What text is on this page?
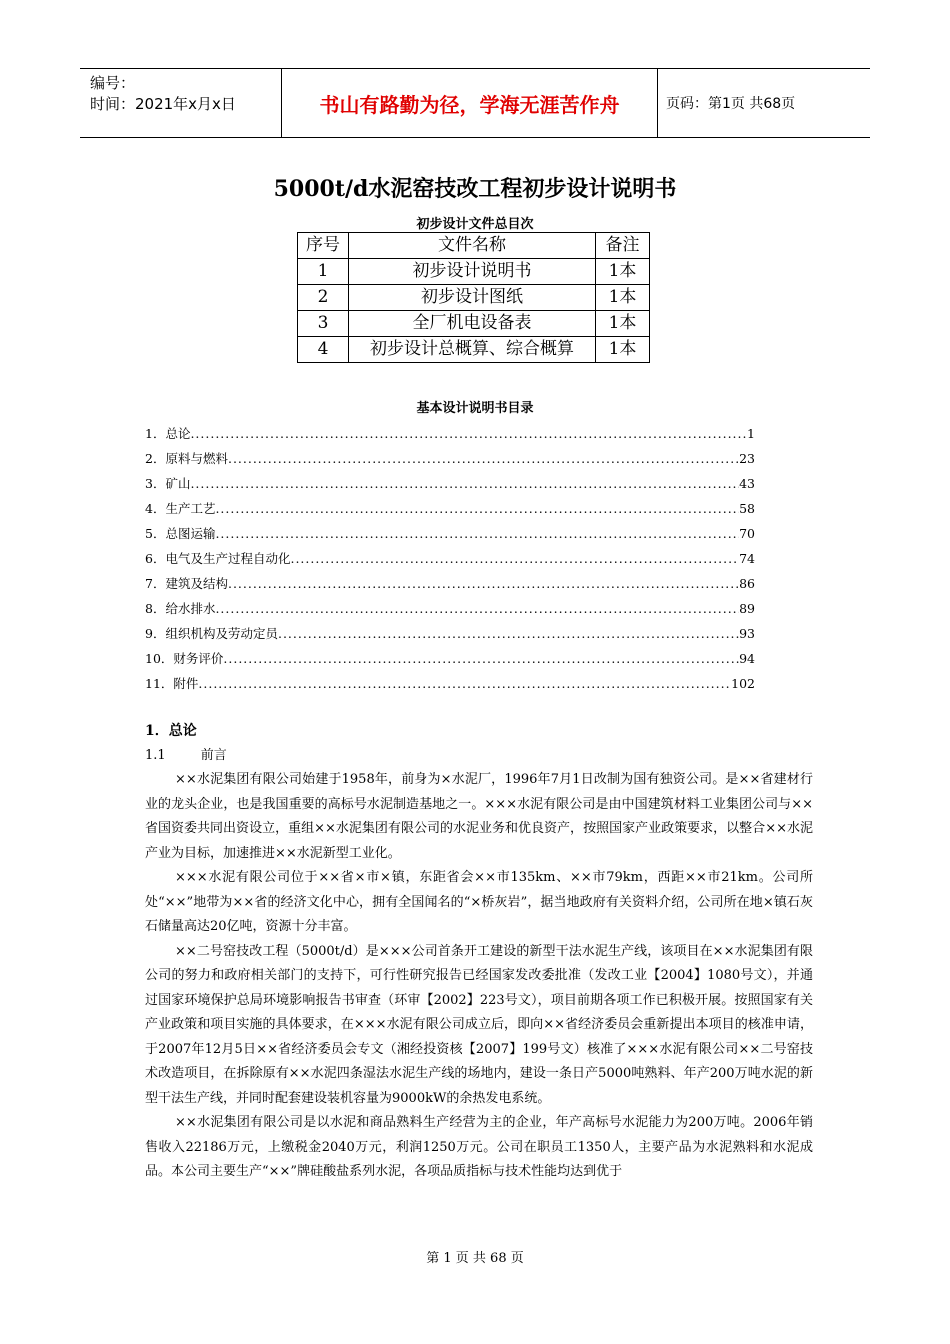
编号：
时间：2021年x月x日	书山有路勤为径，学海无涯苦作舟	页码：第1页 共68页
5000t/d水泥窑技改工程初步设计说明书
初步设计文件总目次
序号	文件名称	备注
1	初步设计说明书	1本
2	初步设计图纸	1本
3	全厂机电设备表	1本
4	初步设计总概算、综合概算	1本
基本设计说明书目录
1．总论 .....	1
2．原料与燃料 .....	23
3．矿山 .....	43
4．生产工艺 .....	58
5．总图运输 .....	70
6．电气及生产过程自动化 .....	74
7．建筑及结构 .....	86
8．给水排水 .....	89
9．组织机构及劳动定员 .....	93
10．财务评价 .....	94
11．附件 .....	102
1．总论
1.1	前言

××水泥集团有限公司始建于1958年，前身为×水泥厂，1996年7月1日改制为国有独资公司。是××省建材行业的龙头企业，也是我国重要的高标号水泥制造基地之一。×××水泥有限公司是由中国建筑材料工业集团公司与××省国资委共同出资设立，重组××水泥集团有限公司的水泥业务和优良资产，按照国家产业政策要求，以整合××水泥产业为目标，加速推进××水泥新型工业化。

×××水泥有限公司位于××省×市×镇，东距省会××市135km、××市79km，西距××市21km。公司所处“××”地带为××省的经济文化中心，拥有全国闻名的“×桥灰岩”，据当地政府有关资料介绍，公司所在地×镇石灰石储量高达20亿吨，资源十分丰富。

××二号窑技改工程（5000t/d）是×××公司首条开工建设的新型干法水泥生产线，该项目在××水泥集团有限公司的努力和政府相关部门的支持下，可行性研究报告已经国家发改委批准（发改工业【2004】1080号文），并通过国家环境保护总局环境影响报告书审查（环审【2002】223号文），项目前期各项工作已积极开展。按照国家有关产业政策和项目实施的具体要求，在×××水泥有限公司成立后，即向××省经济委员会重新提出本项目的核准申请，于2007年12月5日××省经济委员会专文（湘经投资核【2007】199号文）核准了×××水泥有限公司××二号窑技术改造项目，在拆除原有××水泥四条湿法水泥生产线的场地内，建设一条日产5000吨熟料、年产200万吨水泥的新型干法生产线，并同时配套建设装机容量为9000kW的余热发电系统。

××水泥集团有限公司是以水泥和商品熟料生产经营为主的企业，年产高标号水泥能力为200万吨。2006年销售收入22186万元，上缴税金2040万元，利润1250万元。公司在职员工1350人，主要产品为水泥熟料和水泥成品。本公司主要生产“××”牌硅酸盐系列水泥，各项品质指标与技术性能均达到优于

第 1 页 共 68 页
